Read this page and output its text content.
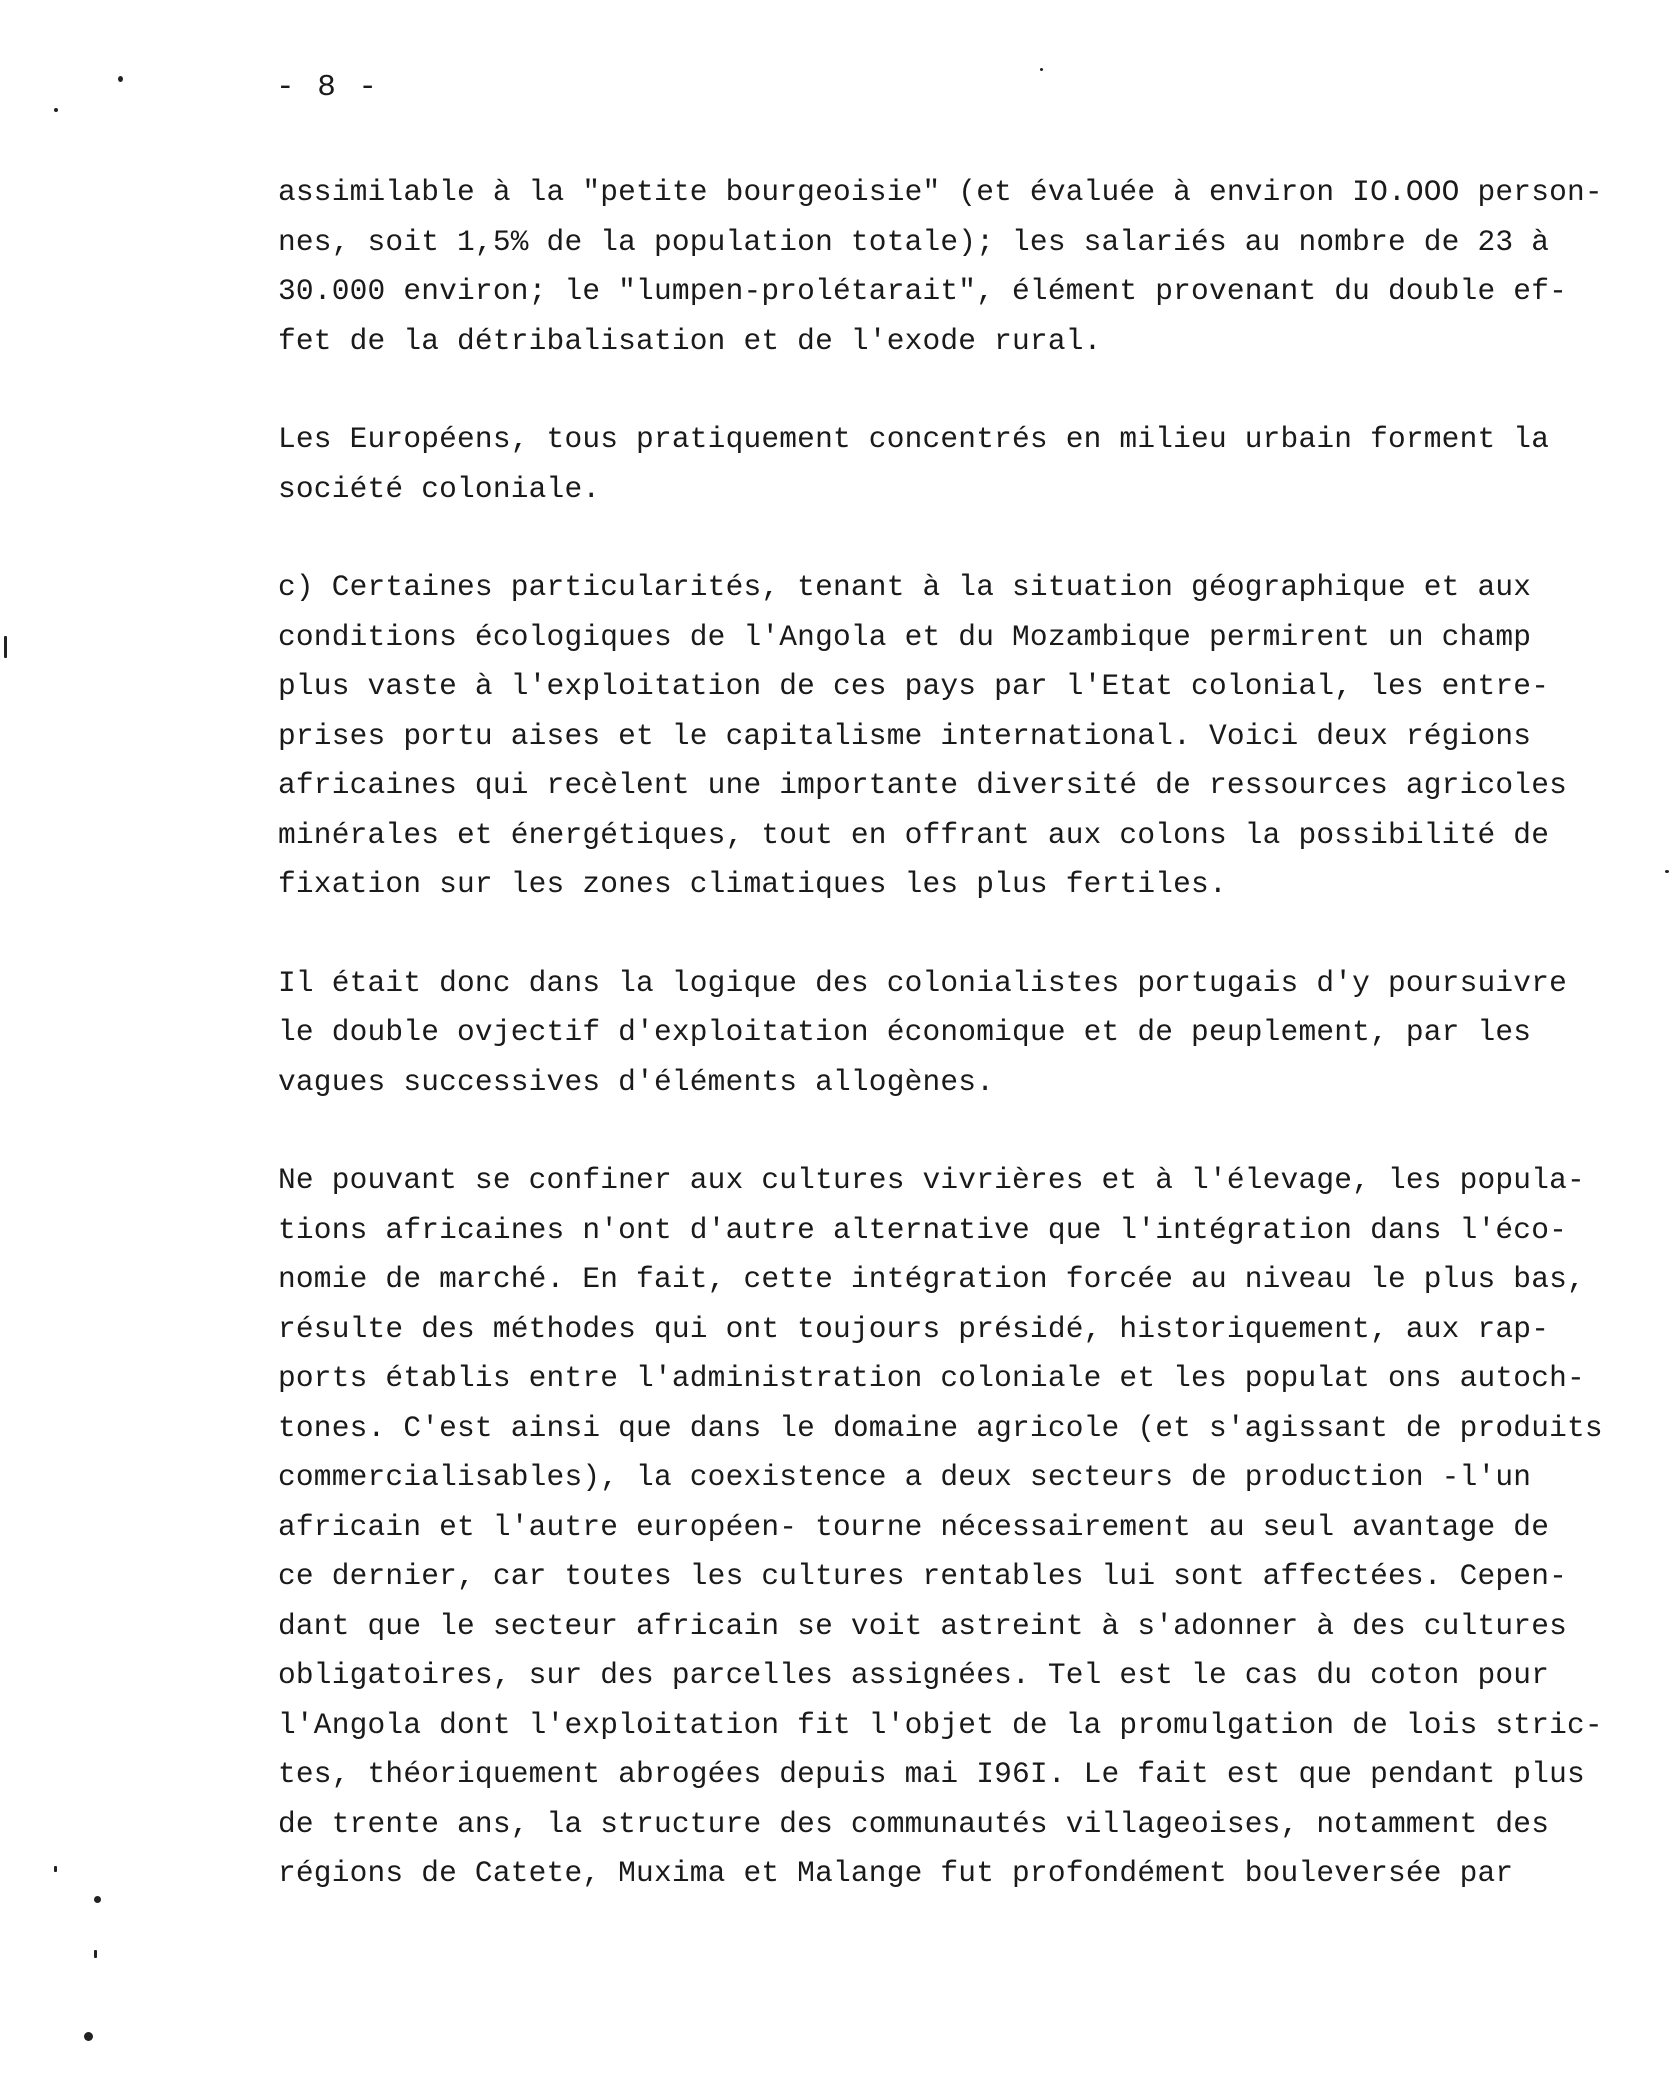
- 8 -
assimilable à la "petite bourgeoisie" (et évaluée à environ IO.OOO person-
nes, soit 1,5% de la population totale); les salariés au nombre de 23 à
30.000 environ; le "lumpen-prolétarait", élément provenant du double ef-
fet de la détribalisation et de l'exode rural.
Les Européens, tous pratiquement concentrés en milieu urbain forment la
société coloniale.
c) Certaines particularités, tenant à la situation géographique et aux
conditions écologiques de l'Angola et du Mozambique permirent un champ
plus vaste à l'exploitation de ces pays par l'Etat colonial, les entre-
prises portu aises et le capitalisme international. Voici deux régions
africaines qui recèlent une importante diversité de ressources agricoles
minérales et énergétiques, tout en offrant aux colons la possibilité de
fixation sur les zones climatiques les plus fertiles.
Il était donc dans la logique des colonialistes portugais d'y poursuivre
le double ovjectif d'exploitation économique et de peuplement, par les
vagues successives d'éléments allogènes.
Ne pouvant se confiner aux cultures vivrières et à l'élevage, les popula-
tions africaines n'ont d'autre alternative que l'intégration dans l'éco-
nomie de marché. En fait, cette intégration forcée au niveau le plus bas,
résulte des méthodes qui ont toujours présidé, historiquement, aux rap-
ports établis entre l'administration coloniale et les populat ons autoch-
tones. C'est ainsi que dans le domaine agricole (et s'agissant de produits
commercialisables), la coexistence a deux secteurs de production -l'un
africain et l'autre européen- tourne nécessairement au seul avantage de
ce dernier, car toutes les cultures rentables lui sont affectées. Cepen-
dant que le secteur africain se voit astreint à s'adonner à des cultures
obligatoires, sur des parcelles assignées. Tel est le cas du coton pour
l'Angola dont l'exploitation fit l'objet de la promulgation de lois stric-
tes, théoriquement abrogées depuis mai I96I. Le fait est que pendant plus
de trente ans, la structure des communautés villageoises, notamment des
régions de Catete, Muxima et Malange fut profondément bouleversée par
